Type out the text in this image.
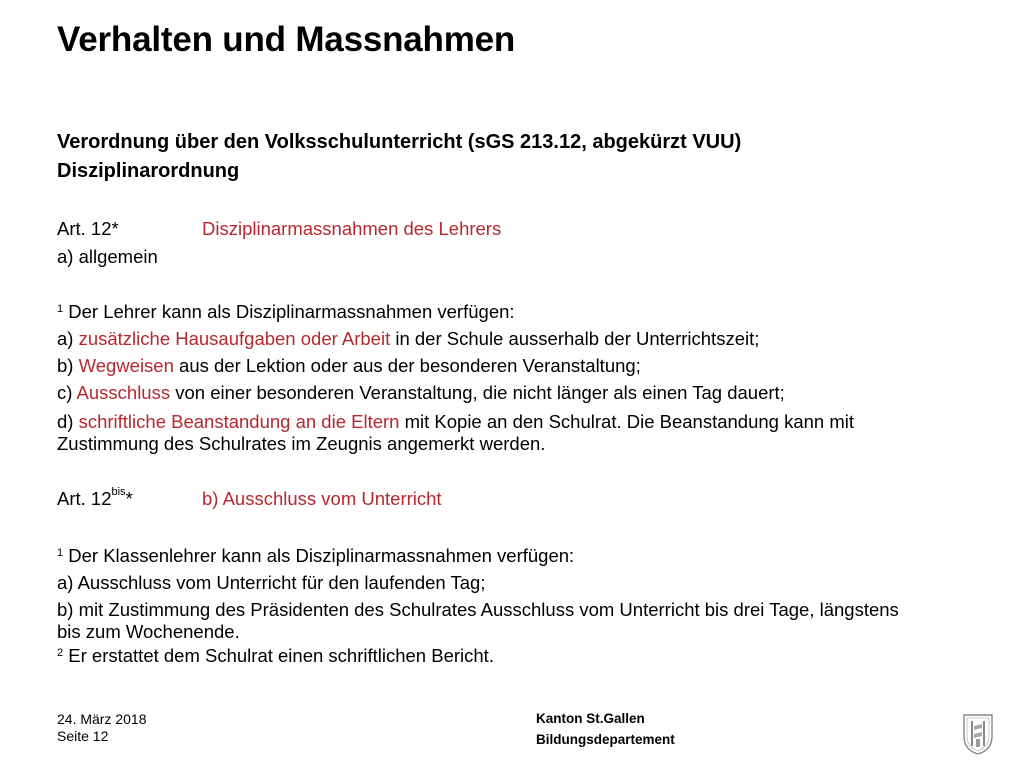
Verhalten und Massnahmen
Verordnung über den Volksschulunterricht (sGS 213.12, abgekürzt VUU)
Disziplinarordnung
Art. 12*
a) allgemein
Disziplinarmassnahmen des Lehrers
$^1$ Der Lehrer kann als Disziplinarmassnahmen verfügen:
a) zusätzliche Hausaufgaben oder Arbeit in der Schule ausserhalb der Unterrichtszeit;
b) Wegweisen aus der Lektion oder aus der besonderen Veranstaltung;
c) Ausschluss von einer besonderen Veranstaltung, die nicht länger als einen Tag dauert;
d) schriftliche Beanstandung an die Eltern mit Kopie an den Schulrat. Die Beanstandung kann mit
Zustimmung des Schulrates im Zeugnis angemerkt werden.
Art. $12^{bis}*$	b) Ausschluss vom Unterricht
$^1$ Der Klassenlehrer kann als Disziplinarmassnahmen verfügen:
a) Ausschluss vom Unterricht für den laufenden Tag;
b) mit Zustimmung des Präsidenten des Schulrates Ausschluss vom Unterricht bis drei Tage, längstens
bis zum Wochenende.
$^2$ Er erstattet dem Schulrat einen schriftlichen Bericht.
24. März 2018
Seite 12
Kanton St.Gallen
Bildungsdepartement
